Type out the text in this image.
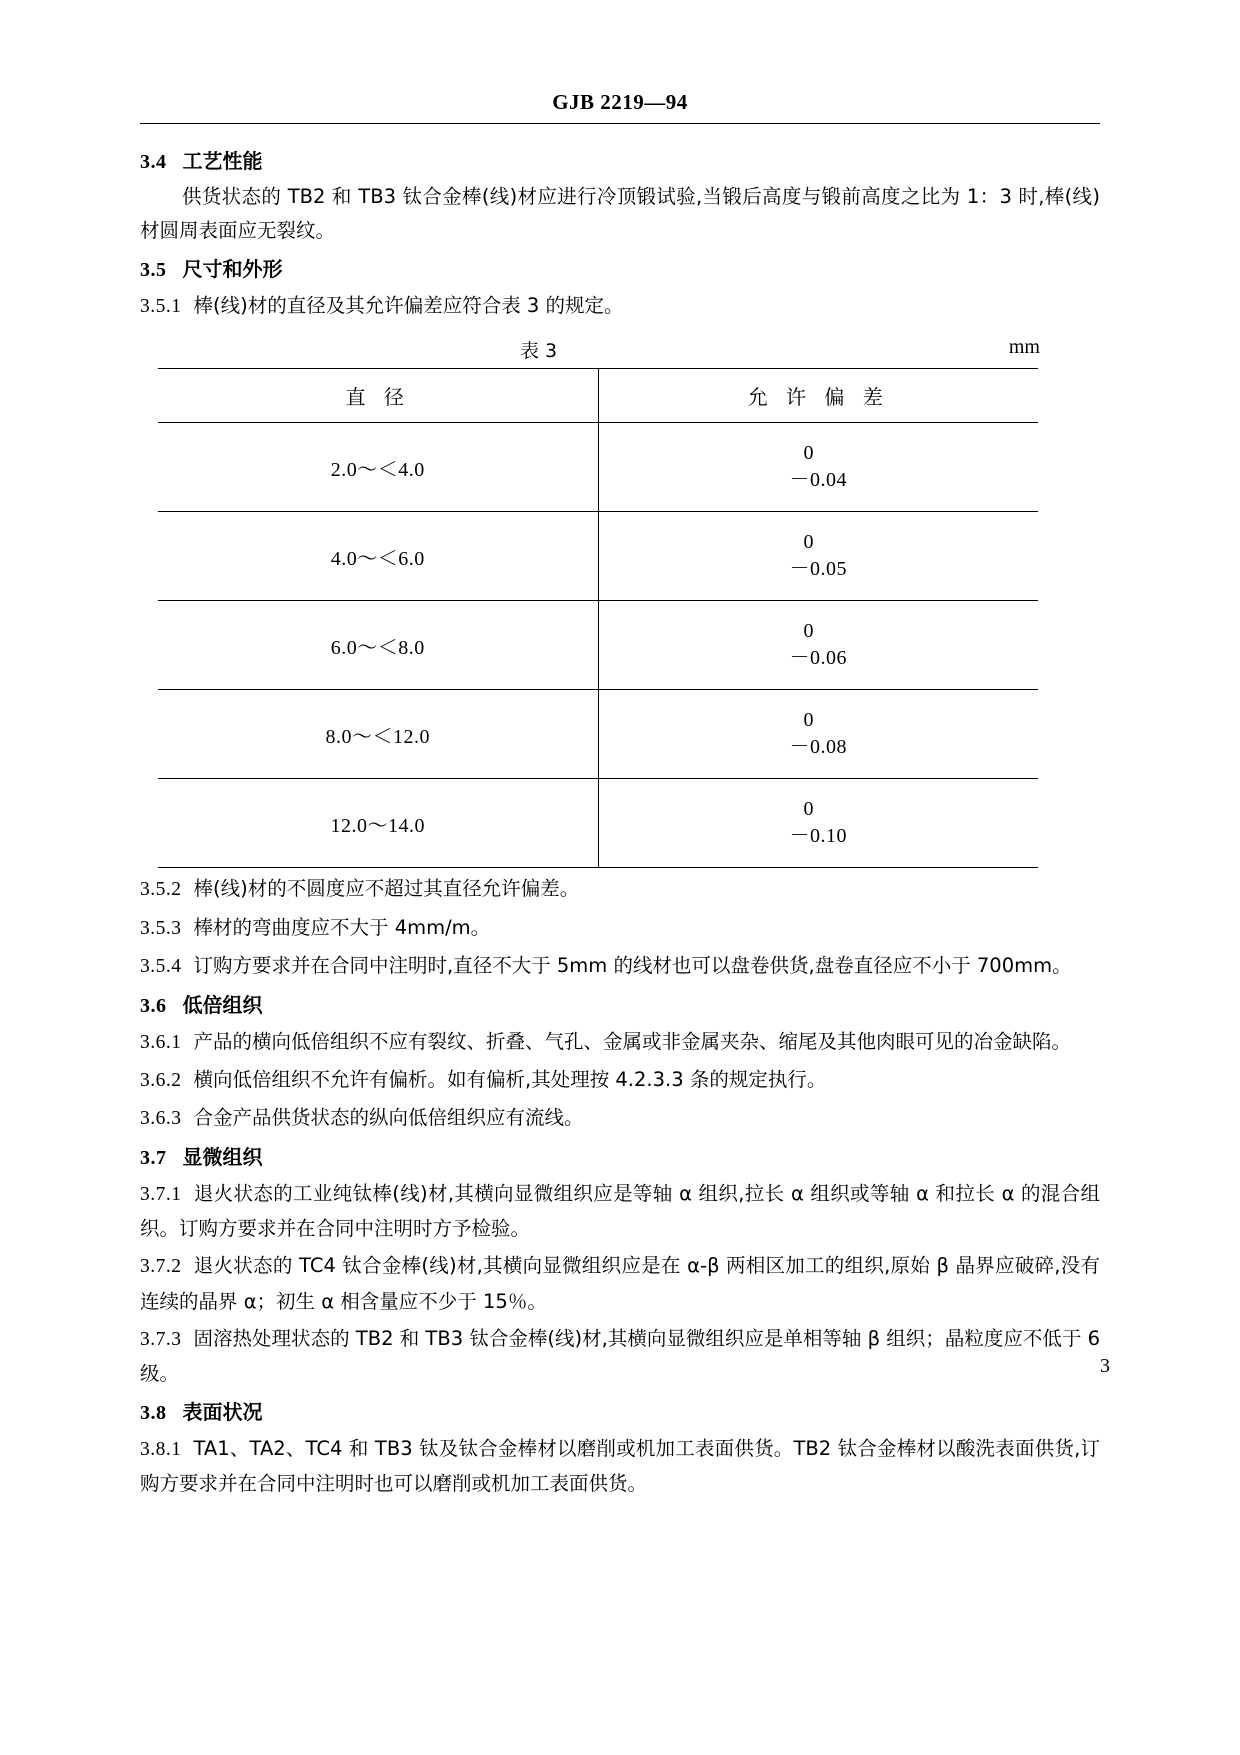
GJB 2219—94
3.4 工艺性能
供货状态的 TB2 和 TB3 钛合金棒(线)材应进行冷顶锻试验,当锻后高度与锻前高度之比为 1：3 时,棒(线)材圆周表面应无裂纹。
3.5 尺寸和外形
3.5.1 棒(线)材的直径及其允许偏差应符合表 3 的规定。
表 3	mm
直 径	允 许 偏 差
2.0～＜4.0	0
－0.04

4.0～＜6.0	0
－0.05

6.0～＜8.0	0
－0.06

8.0～＜12.0	0
－0.08

12.0～14.0	0
－0.10
3.5.2 棒(线)材的不圆度应不超过其直径允许偏差。
3.5.3 棒材的弯曲度应不大于 4mm/m。
3.5.4 订购方要求并在合同中注明时,直径不大于 5mm 的线材也可以盘卷供货,盘卷直径应不小于 700mm。
3.6 低倍组织
3.6.1 产品的横向低倍组织不应有裂纹、折叠、气孔、金属或非金属夹杂、缩尾及其他肉眼可见的冶金缺陷。
3.6.2 横向低倍组织不允许有偏析。如有偏析,其处理按 4.2.3.3 条的规定执行。
3.6.3 合金产品供货状态的纵向低倍组织应有流线。
3.7 显微组织
3.7.1 退火状态的工业纯钛棒(线)材,其横向显微组织应是等轴 α 组织,拉长 α 组织或等轴 α 和拉长 α 的混合组织。订购方要求并在合同中注明时方予检验。
3.7.2 退火状态的 TC4 钛合金棒(线)材,其横向显微组织应是在 α-β 两相区加工的组织,原始 β 晶界应破碎,没有连续的晶界 α；初生 α 相含量应不少于 15％。
3.7.3 固溶热处理状态的 TB2 和 TB3 钛合金棒(线)材,其横向显微组织应是单相等轴 β 组织；晶粒度应不低于 6 级。
3.8 表面状况
3.8.1 TA1、TA2、TC4 和 TB3 钛及钛合金棒材以磨削或机加工表面供货。TB2 钛合金棒材以酸洗表面供货,订购方要求并在合同中注明时也可以磨削或机加工表面供货。
3
